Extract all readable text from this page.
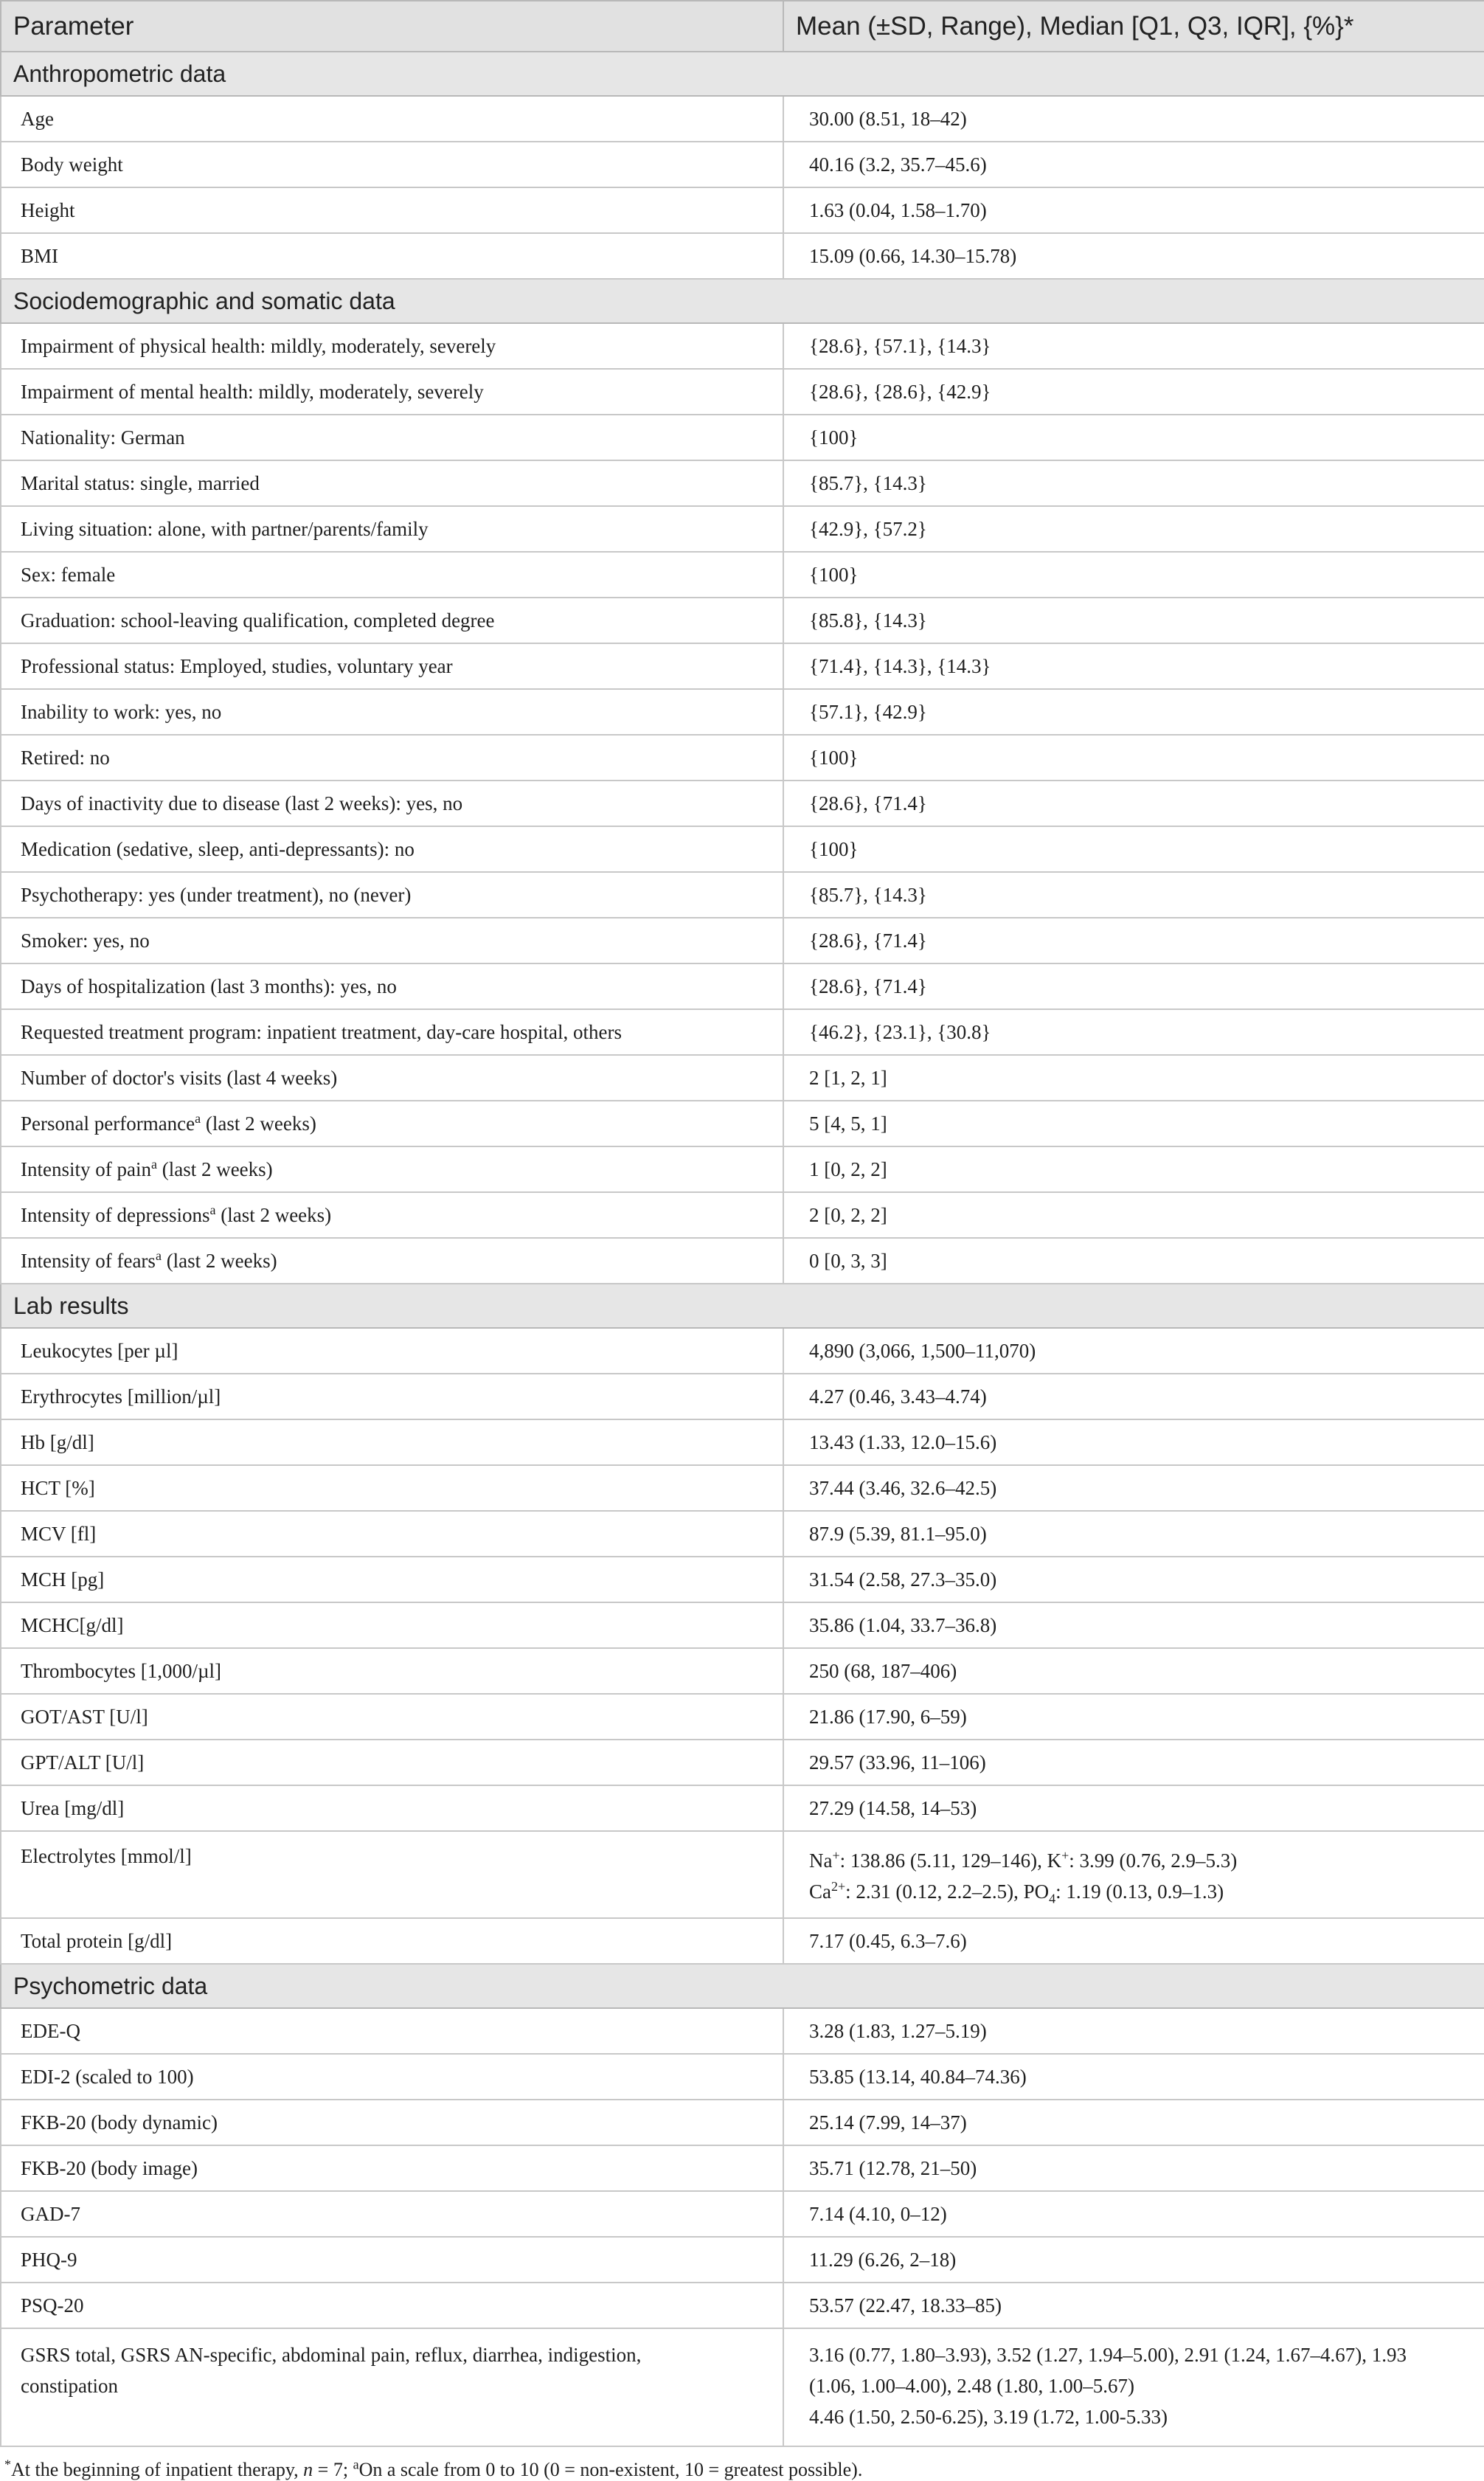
Parameter	Mean (±SD, Range), Median [Q1, Q3, IQR], {%}*
Anthropometric data	
Age	30.00 (8.51, 18–42)
Body weight	40.16 (3.2, 35.7–45.6)
Height	1.63 (0.04, 1.58–1.70)
BMI	15.09 (0.66, 14.30–15.78)
Sociodemographic and somatic data	
Impairment of physical health: mildly, moderately, severely	{28.6}, {57.1}, {14.3}
Impairment of mental health: mildly, moderately, severely	{28.6}, {28.6}, {42.9}
Nationality: German	{100}
Marital status: single, married	{85.7}, {14.3}
Living situation: alone, with partner/parents/family	{42.9}, {57.2}
Sex: female	{100}
Graduation: school-leaving qualification, completed degree	{85.8}, {14.3}
Professional status: Employed, studies, voluntary year	{71.4}, {14.3}, {14.3}
Inability to work: yes, no	{57.1}, {42.9}
Retired: no	{100}
Days of inactivity due to disease (last 2 weeks): yes, no	{28.6}, {71.4}
Medication (sedative, sleep, anti-depressants): no	{100}
Psychotherapy: yes (under treatment), no (never)	{85.7}, {14.3}
Smoker: yes, no	{28.6}, {71.4}
Days of hospitalization (last 3 months): yes, no	{28.6}, {71.4}
Requested treatment program: inpatient treatment, day-care hospital, others	{46.2}, {23.1}, {30.8}
Number of doctor's visits (last 4 weeks)	2 [1, 2, 1]
Personal performance$^a$ (last 2 weeks)	5 [4, 5, 1]
Intensity of pain$^a$ (last 2 weeks)	1 [0, 2, 2]
Intensity of depressions$^a$ (last 2 weeks)	2 [0, 2, 2]
Intensity of fears$^a$ (last 2 weeks)	0 [0, 3, 3]
Lab results	
Leukocytes [per µl]	4,890 (3,066, 1,500–11,070)
Erythrocytes [million/µl]	4.27 (0.46, 3.43–4.74)
Hb [g/dl]	13.43 (1.33, 12.0–15.6)
HCT [%]	37.44 (3.46, 32.6–42.5)
MCV [fl]	87.9 (5.39, 81.1–95.0)
MCH [pg]	31.54 (2.58, 27.3–35.0)
MCHC[g/dl]	35.86 (1.04, 33.7–36.8)
Thrombocytes [1,000/µl]	250 (68, 187–406)
GOT/AST [U/l]	21.86 (17.90, 6–59)
GPT/ALT [U/l]	29.57 (33.96, 11–106)
Urea [mg/dl]	27.29 (14.58, 14–53)
Electrolytes [mmol/l]	Na+: 138.86 (5.11, 129–146), K+: 3.99 (0.76, 2.9–5.3)
$Ca^{2+}$: 2.31 (0.12, 2.2–2.5), $PO_4$: 1.19 (0.13, 0.9–1.3)

Total protein [g/dl]	7.17 (0.45, 6.3–7.6)
Psychometric data	
EDE-Q	3.28 (1.83, 1.27–5.19)
EDI-2 (scaled to 100)	53.85 (13.14, 40.84–74.36)
FKB-20 (body dynamic)	25.14 (7.99, 14–37)
FKB-20 (body image)	35.71 (12.78, 21–50)
GAD-7	7.14 (4.10, 0–12)
PHQ-9	11.29 (6.26, 2–18)
PSQ-20	53.57 (22.47, 18.33–85)

GSRS total, GSRS AN-specific, abdominal pain, reflux, diarrhea, indigestion,
constipation	3.16 (0.77, 1.80–3.93), 3.52 (1.27, 1.94–5.00), 2.91 (1.24, 1.67–4.67), 1.93
(1.06, 1.00–4.00), 2.48 (1.80, 1.00–5.67)
4.46 (1.50, 2.50-6.25), 3.19 (1.72, 1.00-5.33)
*At the beginning of inpatient therapy, n = 7; $^a$On a scale from 0 to 10 (0 = non-existent, 10 = greatest possible).
